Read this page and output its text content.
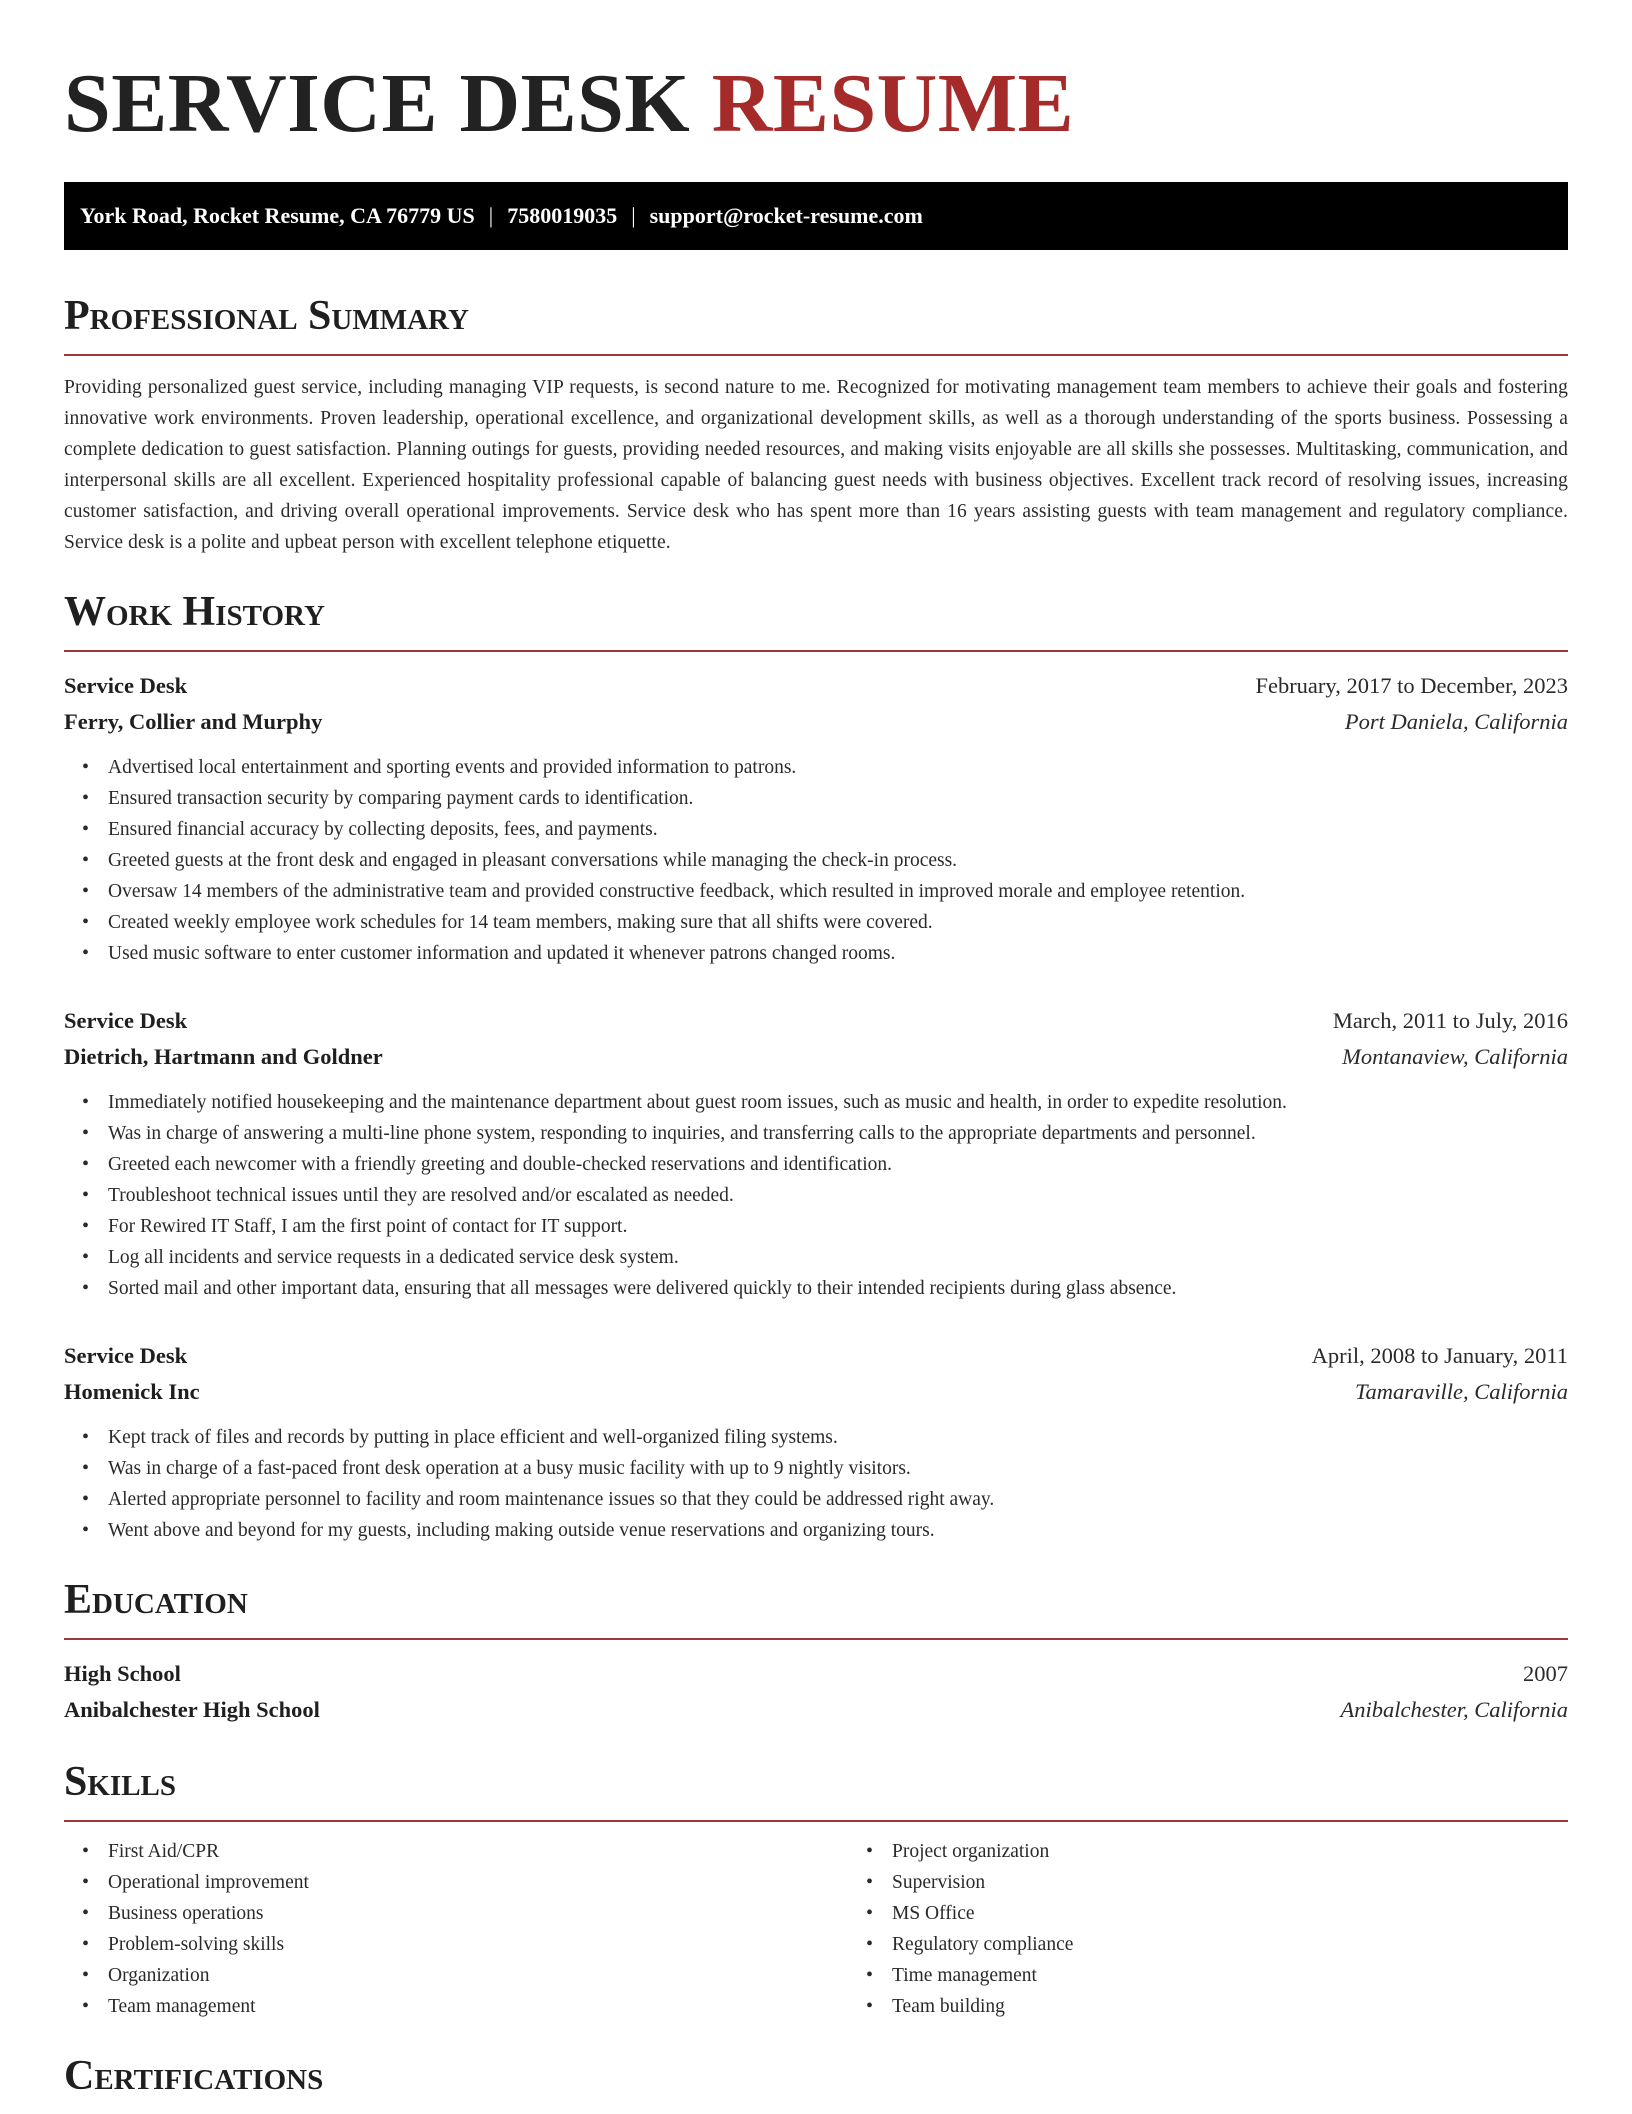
SERVICE DESK RESUME
York Road, Rocket Resume, CA 76779 US | 7580019035 | support@rocket-resume.com
Professional Summary

Providing personalized guest service, including managing VIP requests, is second nature to me. Recognized for motivating management team members to achieve their goals and fostering innovative work environments. Proven leadership, operational excellence, and organizational development skills, as well as a thorough understanding of the sports business. Possessing a complete dedication to guest satisfaction. Planning outings for guests, providing needed resources, and making visits enjoyable are all skills she possesses. Multitasking, communication, and interpersonal skills are all excellent. Experienced hospitality professional capable of balancing guest needs with business objectives. Excellent track record of resolving issues, increasing customer satisfaction, and driving overall operational improvements. Service desk who has spent more than 16 years assisting guests with team management and regulatory compliance. Service desk is a polite and upbeat person with excellent telephone etiquette.

Work History
Service Desk	February, 2017 to December, 2023
Ferry, Collier and Murphy	Port Daniela, California
• Advertised local entertainment and sporting events and provided information to patrons.
• Ensured transaction security by comparing payment cards to identification.
• Ensured financial accuracy by collecting deposits, fees, and payments.
• Greeted guests at the front desk and engaged in pleasant conversations while managing the check-in process.
• Oversaw 14 members of the administrative team and provided constructive feedback, which resulted in improved morale and employee retention.
• Created weekly employee work schedules for 14 team members, making sure that all shifts were covered.
• Used music software to enter customer information and updated it whenever patrons changed rooms.
Service Desk	March, 2011 to July, 2016
Dietrich, Hartmann and Goldner	Montanaview, California
• Immediately notified housekeeping and the maintenance department about guest room issues, such as music and health, in order to expedite resolution.
• Was in charge of answering a multi-line phone system, responding to inquiries, and transferring calls to the appropriate departments and personnel.
• Greeted each newcomer with a friendly greeting and double-checked reservations and identification.
• Troubleshoot technical issues until they are resolved and/or escalated as needed.
• For Rewired IT Staff, I am the first point of contact for IT support.
• Log all incidents and service requests in a dedicated service desk system.
• Sorted mail and other important data, ensuring that all messages were delivered quickly to their intended recipients during glass absence.
Service Desk	April, 2008 to January, 2011
Homenick Inc	Tamaraville, California
• Kept track of files and records by putting in place efficient and well-organized filing systems.
• Was in charge of a fast-paced front desk operation at a busy music facility with up to 9 nightly visitors.
• Alerted appropriate personnel to facility and room maintenance issues so that they could be addressed right away.
• Went above and beyond for my guests, including making outside venue reservations and organizing tours.
Education
High School	2007
Anibalchester High School	Anibalchester, California
Skills
• First Aid/CPR
• Operational improvement
• Business operations
• Problem-solving skills
• Organization
• Team management
• Project organization
• Supervision
• MS Office
• Regulatory compliance
• Time management
• Team building
Certifications
